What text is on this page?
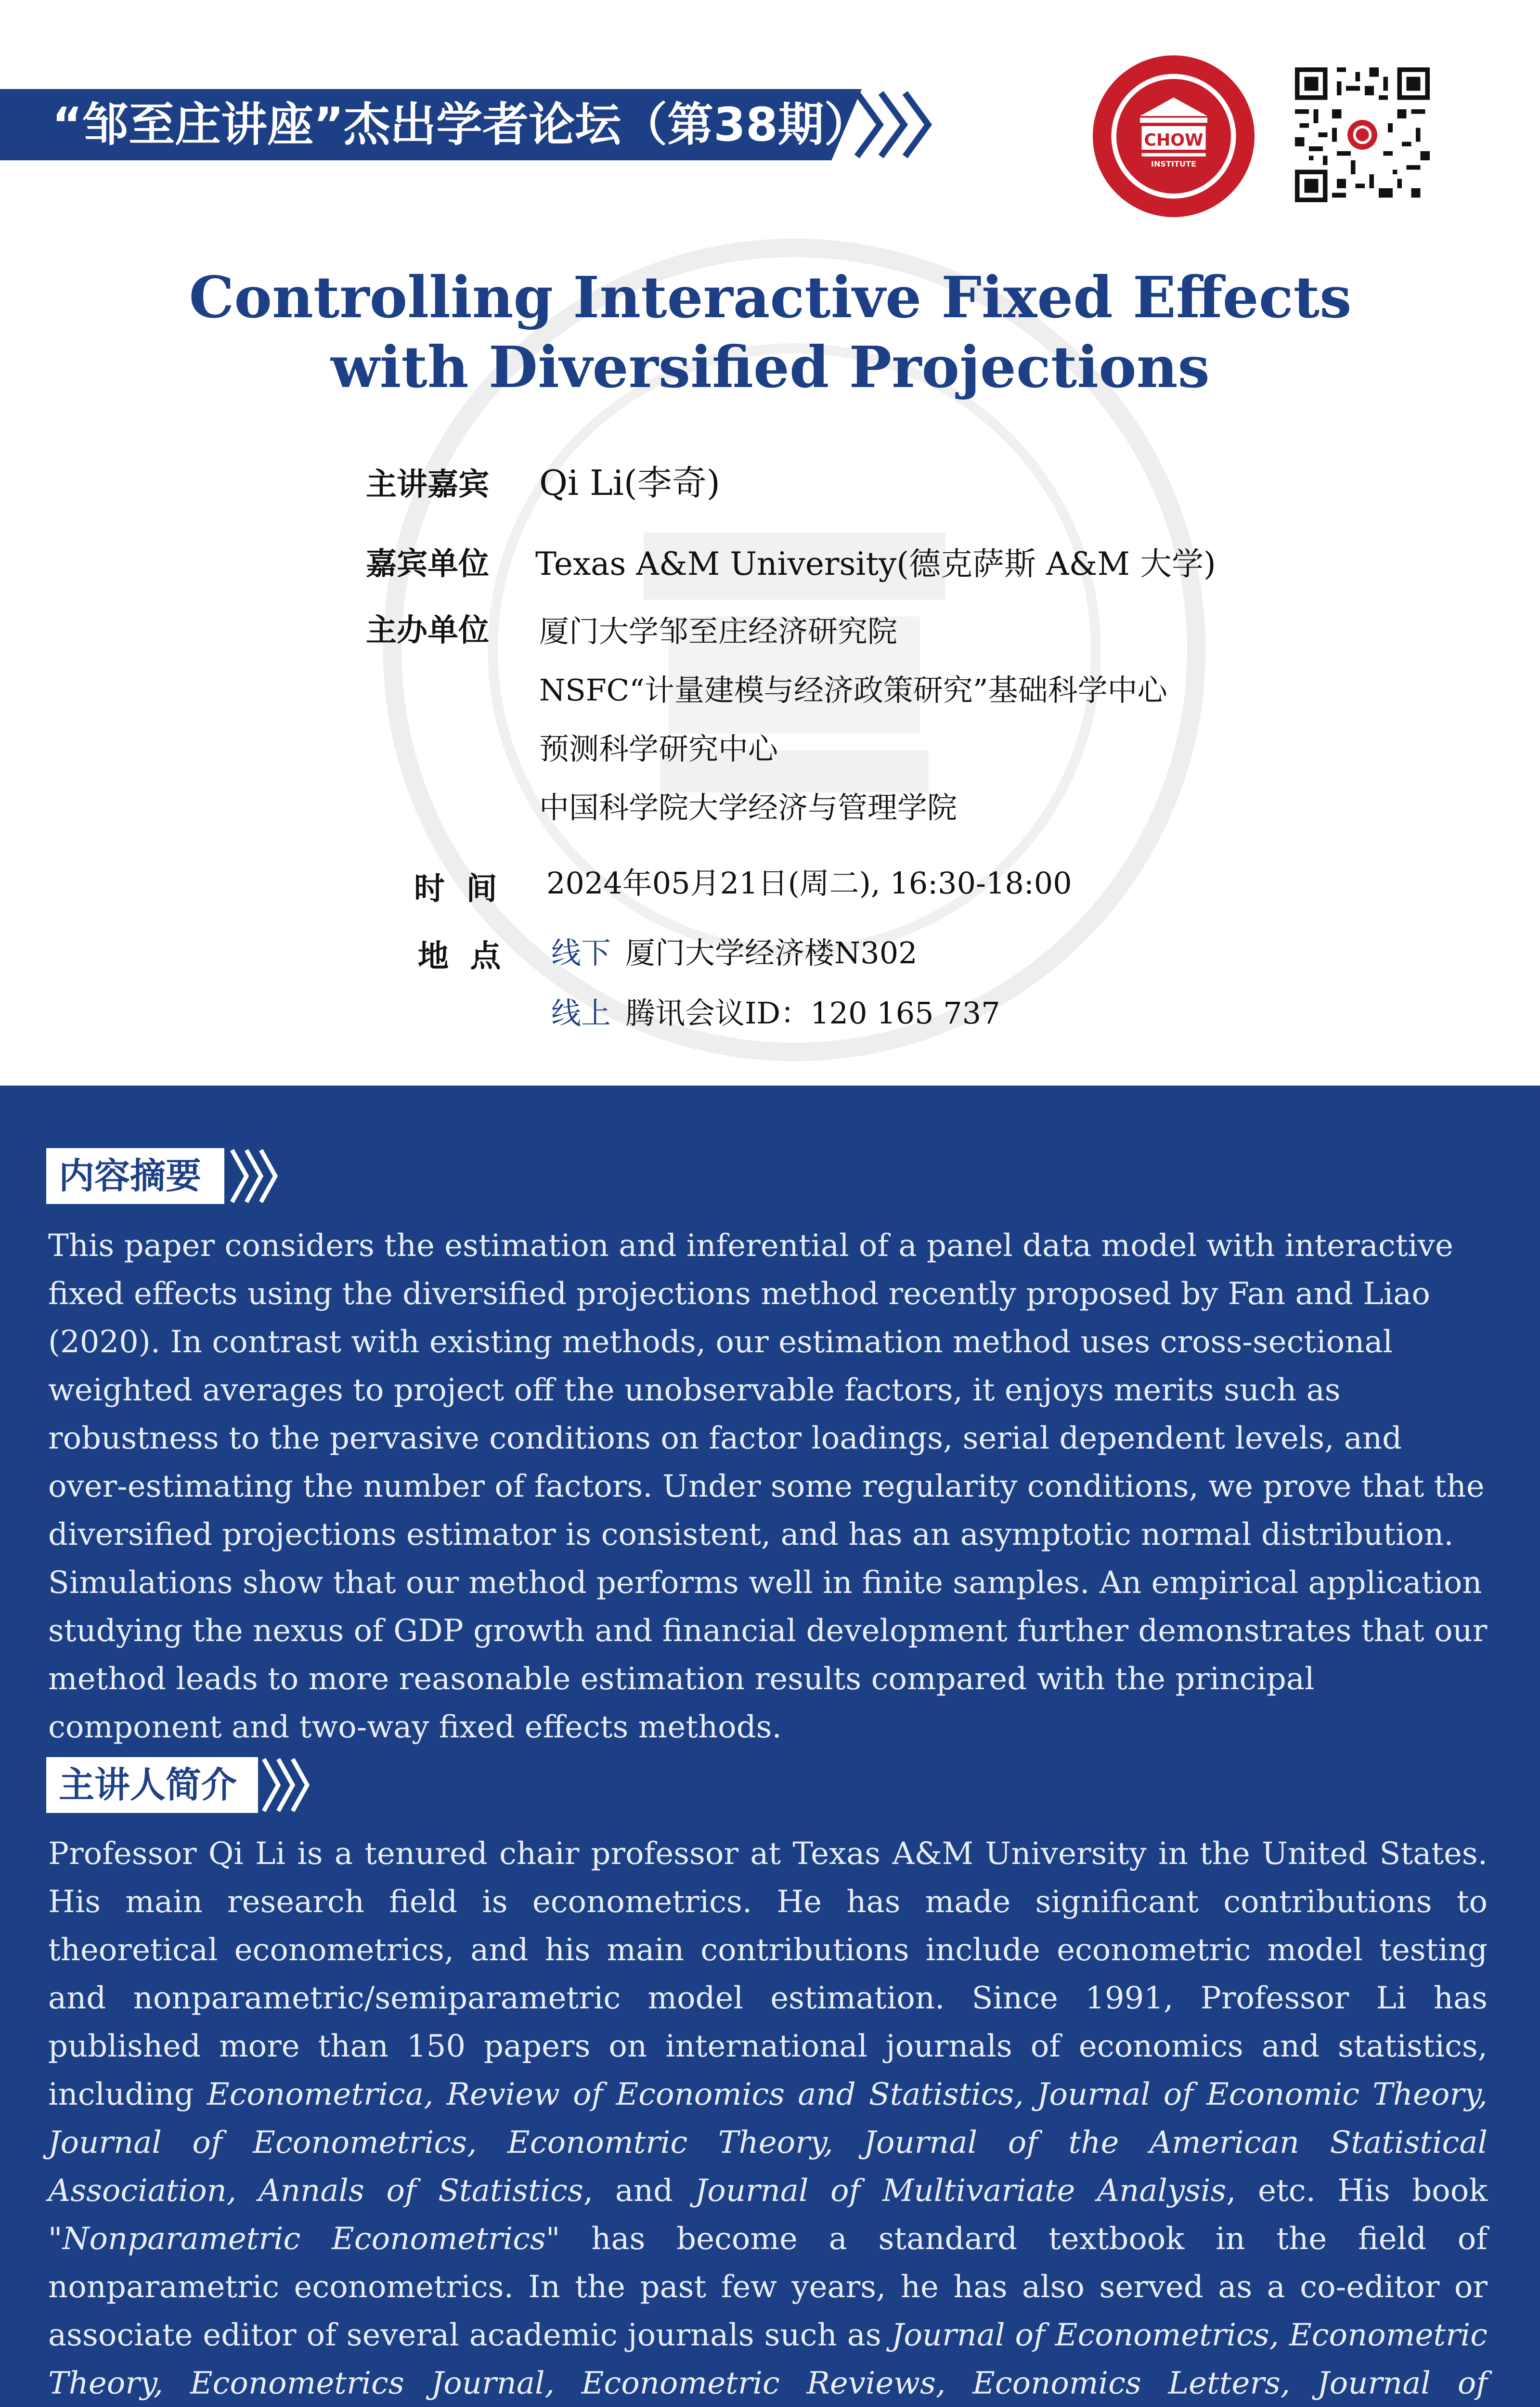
“邹至庄讲座”杰出学者论坛（第38期）	CHOW
INSTITUTE
Controlling Interactive Fixed Effects with Diversified Projections
主讲嘉宾 Qi Li(李奇)
嘉宾单位 Texas A&M University(德克萨斯 A&M 大学)
主办单位 厦门大学邹至庄经济研究院
NSFC“计量建模与经济政策研究”基础科学中心
预测科学研究中心
中国科学院大学经济与管理学院
时  间 2024年05月21日(周二), 16:30-18:00
地  点 线下 厦门大学经济楼N302
线上 腾讯会议ID：120 165 737
内容摘要
This paper considers the estimation and inferential of a panel data model with interactive fixed effects using the diversified projections method recently proposed by Fan and Liao (2020). In contrast with existing methods, our estimation method uses cross-sectional weighted averages to project off the unobservable factors, it enjoys merits such as robustness to the pervasive conditions on factor loadings, serial dependent levels, and over-estimating the number of factors. Under some regularity conditions, we prove that the diversified projections estimator is consistent, and has an asymptotic normal distribution. Simulations show that our method performs well in finite samples. An empirical application studying the nexus of GDP growth and financial development further demonstrates that our method leads to more reasonable estimation results compared with the principal component and two-way fixed effects methods.
主讲人简介
Professor Qi Li is a tenured chair professor at Texas A&M University in the United States. His main research field is econometrics. He has made significant contributions to theoretical econometrics, and his main contributions include econometric model testing and nonparametric/semiparametric model estimation. Since 1991, Professor Li has published more than 150 papers on international journals of economics and statistics, including Econometrica, Review of Economics and Statistics, Journal of Economic Theory, Journal of Econometrics, Economtric Theory, Journal of the American Statistical Association, Annals of Statistics, and Journal of Multivariate Analysis, etc. His book "Nonparametric Econometrics" has become a standard textbook in the field of nonparametric econometrics. In the past few years, he has also served as a co-editor or associate editor of several academic journals such as Journal of Econometrics, Econometric Theory, Econometrics Journal, Econometric Reviews, Economics Letters, Journal of
